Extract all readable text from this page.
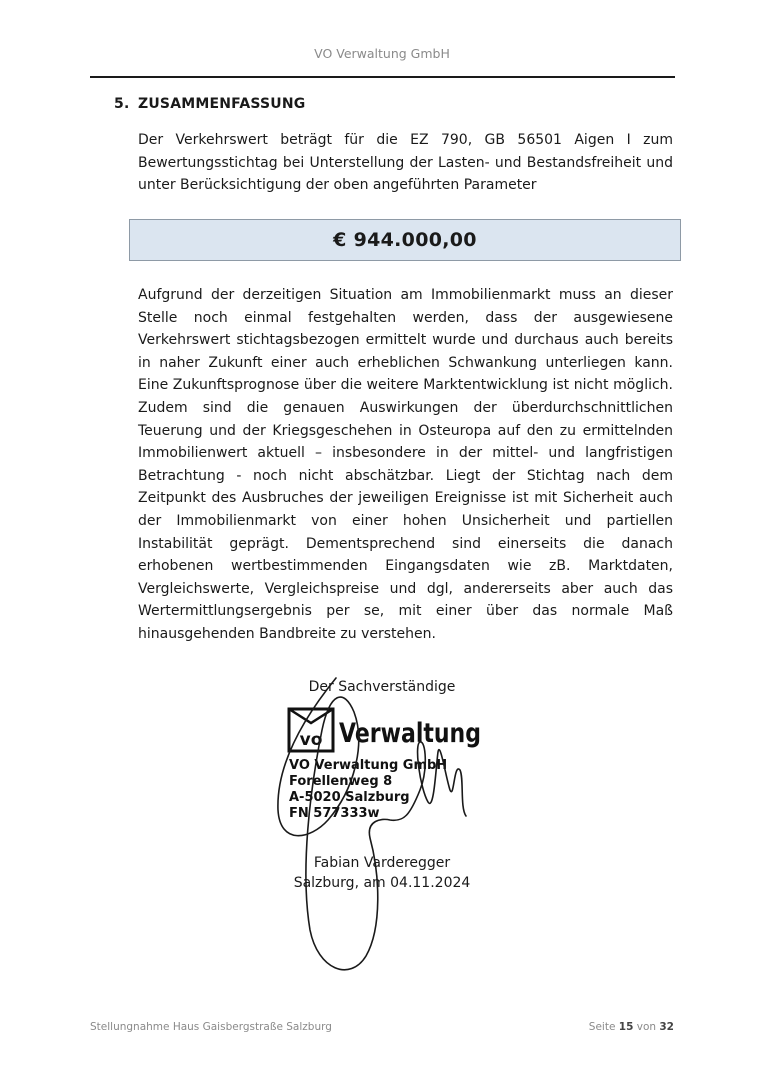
VO Verwaltung GmbH
5. ZUSAMMENFASSUNG
Der Verkehrswert beträgt für die EZ 790, GB 56501 Aigen I zum Bewertungsstichtag bei Unterstellung der Lasten- und Bestandsfreiheit und unter Berücksichtigung der oben angeführten Parameter
€ 944.000,00
Aufgrund der derzeitigen Situation am Immobilienmarkt muss an dieser Stelle noch einmal festgehalten werden, dass der ausgewiesene Verkehrswert stichtagsbezogen ermittelt wurde und durchaus auch bereits in naher Zukunft einer auch erheblichen Schwankung unterliegen kann. Eine Zukunftsprognose über die weitere Marktentwicklung ist nicht möglich. Zudem sind die genauen Auswirkungen der überdurchschnittlichen Teuerung und der Kriegsgeschehen in Osteuropa auf den zu ermittelnden Immobilienwert aktuell – insbesondere in der mittel- und langfristigen Betrachtung - noch nicht abschätzbar. Liegt der Stichtag nach dem Zeitpunkt des Ausbruches der jeweiligen Ereignisse ist mit Sicherheit auch der Immobilienmarkt von einer hohen Unsicherheit und partiellen Instabilität geprägt. Dementsprechend sind einerseits die danach erhobenen wertbestimmenden Eingangsdaten wie zB. Marktdaten, Vergleichswerte, Vergleichspreise und dgl, andererseits aber auch das Wertermittlungsergebnis per se, mit einer über das normale Maß hinausgehenden Bandbreite zu verstehen.
Der Sachverständige
vo Verwaltung
VO Verwaltung GmbH
Forellenweg 8
A-5020 Salzburg
FN 577333w
Fabian Varderegger
Salzburg, am 04.11.2024
Stellungnahme Haus Gaisbergstraße Salzburg	Seite 15 von 32
